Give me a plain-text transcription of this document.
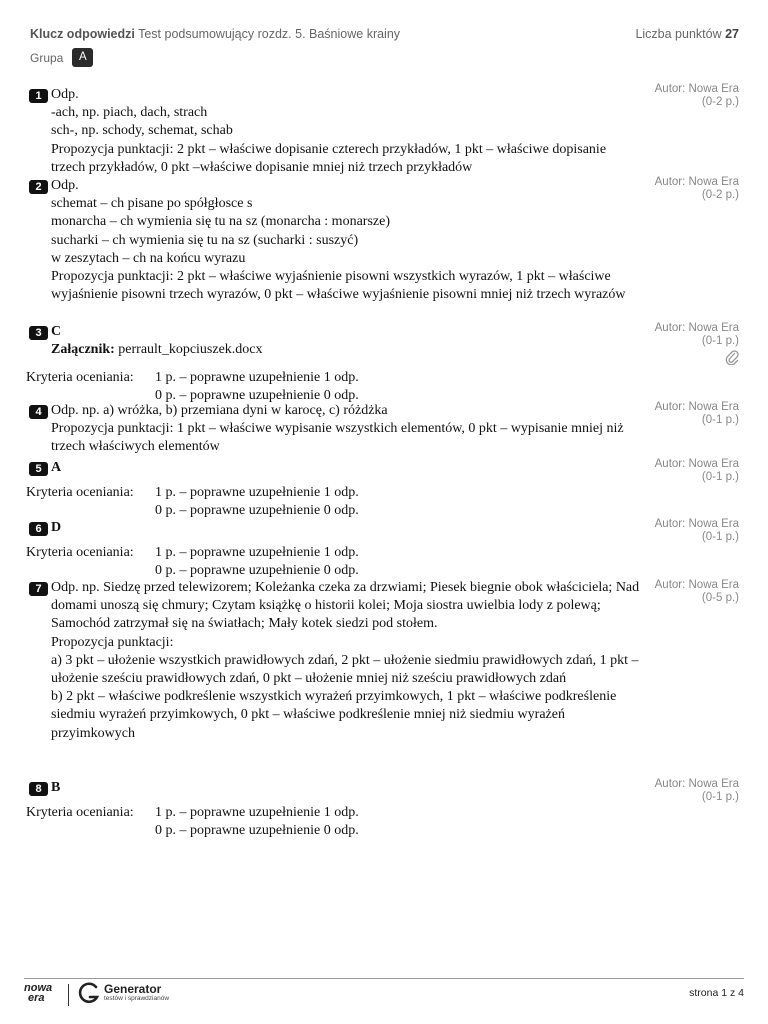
Klucz odpowiedzi Test podsumowujący rozdz. 5. Baśniowe krainy	Liczba punktów 27
Grupa	A
1 Odp.

-ach, np. piach, dach, strach

sch-, np. schody, schemat, schab

Propozycja punktacji: 2 pkt – właściwe dopisanie czterech przykładów, 1 pkt – właściwe dopisanie trzech przykładów, 0 pkt –właściwe dopisanie mniej niż trzech przykładów

Autor: Nowa Era
(0-2 p.)
2 Odp.

schemat – ch pisane po spółgłosce s

monarcha – ch wymienia się tu na sz (monarcha : monarsze)

sucharki – ch wymienia się tu na sz (sucharki : suszyć)

w zeszytach – ch na końcu wyrazu

Propozycja punktacji: 2 pkt – właściwe wyjaśnienie pisowni wszystkich wyrazów, 1 pkt – właściwe wyjaśnienie pisowni trzech wyrazów, 0 pkt – właściwe wyjaśnienie pisowni mniej niż trzech wyrazów

Autor: Nowa Era
(0-2 p.)
3 C

Załącznik: perrault_kopciuszek.docx

Autor: Nowa Era
(0-1 p.)
Kryteria oceniania: 1 p. – poprawne uzupełnienie 1 odp.
0 p. – poprawne uzupełnienie 0 odp.
4 Odp. np. a) wróżka, b) przemiana dyni w karocę, c) różdżka

Propozycja punktacji: 1 pkt – właściwe wypisanie wszystkich elementów, 0 pkt – wypisanie mniej niż trzech właściwych elementów

Autor: Nowa Era
(0-1 p.)
5 A	Autor: Nowa Era
(0-1 p.)
Kryteria oceniania: 1 p. – poprawne uzupełnienie 1 odp.
0 p. – poprawne uzupełnienie 0 odp.
6 D	Autor: Nowa Era
(0-1 p.)
Kryteria oceniania: 1 p. – poprawne uzupełnienie 1 odp.
0 p. – poprawne uzupełnienie 0 odp.
7 Odp. np. Siedzę przed telewizorem; Koleżanka czeka za drzwiami; Piesek biegnie obok właściciela; Nad domami unoszą się chmury; Czytam książkę o historii kolei; Moja siostra uwielbia lody z polewą; Samochód zatrzymał się na światłach; Mały kotek siedzi pod stołem.

Propozycja punktacji:

a) 3 pkt – ułożenie wszystkich prawidłowych zdań, 2 pkt – ułożenie siedmiu prawidłowych zdań, 1 pkt – ułożenie sześciu prawidłowych zdań, 0 pkt – ułożenie mniej niż sześciu prawidłowych zdań

b) 2 pkt – właściwe podkreślenie wszystkich wyrażeń przyimkowych, 1 pkt – właściwe podkreślenie siedmiu wyrażeń przyimkowych, 0 pkt – właściwe podkreślenie mniej niż siedmiu wyrażeń przyimkowych

Autor: Nowa Era
(0-5 p.)
8 B	Autor: Nowa Era
(0-1 p.)
Kryteria oceniania: 1 p. – poprawne uzupełnienie 1 odp.
0 p. – poprawne uzupełnienie 0 odp.
nowa
era
Generator
testów i sprawdzianów	strona 1 z 4
